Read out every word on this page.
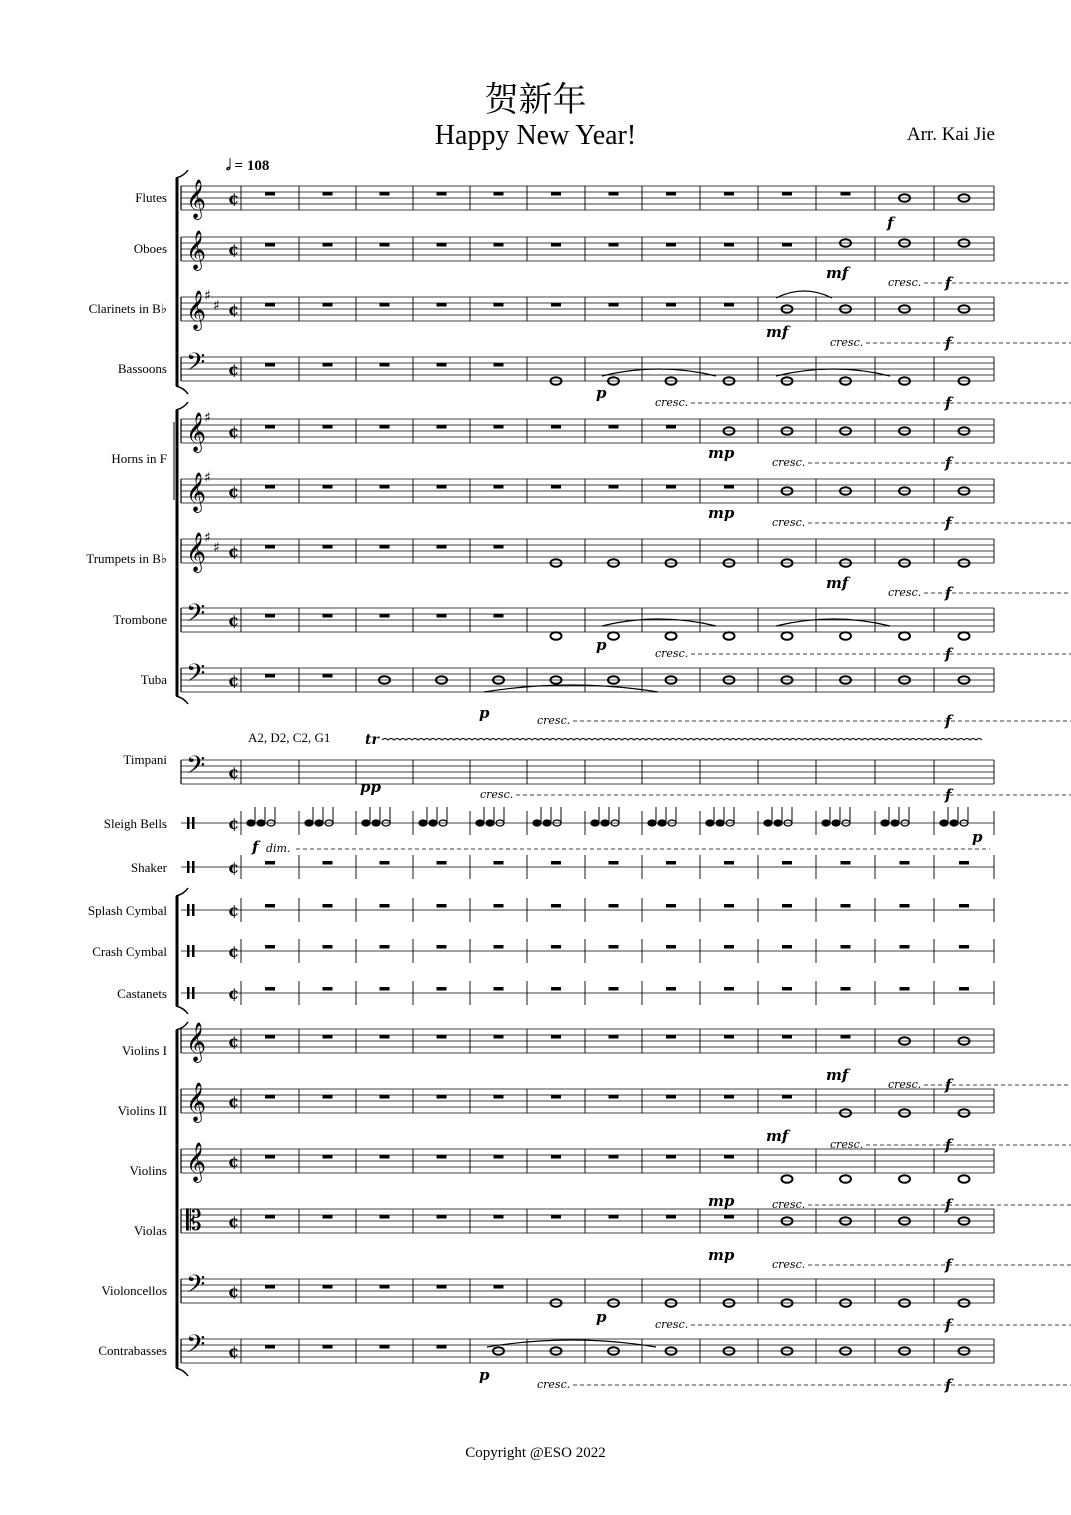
贺新年
Happy New Year!	Arr. Kai Jie
𝅗𝅥 = 108
A2, D2, C2, G1
Copyright @ESO 2022
Flutes
Oboes
Clarinets in B♭
Bassoons
Horns in F
Trumpets in B♭
Trombone
Tuba
Timpani
Sleigh Bells
Shaker
Splash Cymbal
Crash Cymbal
Castanets
Violins I
Violins II
Violins
Violas
Violoncellos
Contrabasses
𝄞 ¢
𝄞 ¢
𝄞 ¢
𝄢 ¢
𝄞 ¢
𝄞 ¢
𝄞 ¢
𝄢 ¢
𝄢 ¢
𝄢 ¢
𝄞 ¢
𝄞 ¢
𝄞 ¢
𝄡 ¢
𝄢 ¢
𝄢 ¢
¢
¢
¢
¢
¢
♯
♯
♯
♯
♯
♯
tr
f
mf
cresc. f
mf
cresc.	f
p
cresc.	f
mp
cresc.	f
mp
cresc.	f
mf
cresc. f
p	cresc.	f
p	cresc.	f
pp	cresc.	f
f dim.
p
mf
cresc. f
mf	cresc.	f
mp	cresc.	f
mp
cresc.	f
p	cresc.	f
p
cresc.	f
